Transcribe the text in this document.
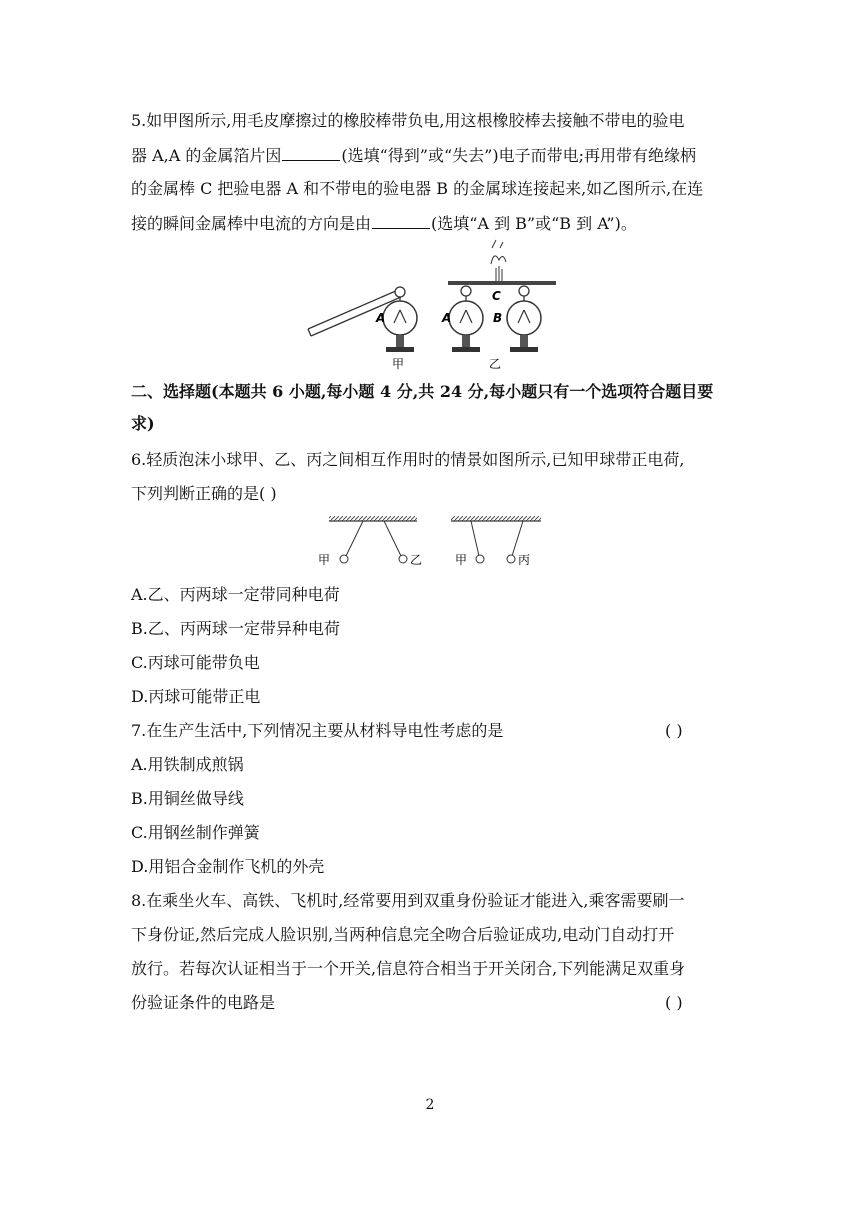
5.如甲图所示,用毛皮摩擦过的橡胶棒带负电,用这根橡胶棒去接触不带电的验电
器 A,A 的金属箔片因	(选填“得到”或“失去”)电子而带电;再用带有绝缘柄
的金属棒 C 把验电器 A 和不带电的验电器 B 的金属球连接起来,如乙图所示,在连
接的瞬间金属棒中电流的方向是由	(选填“A 到 B”或“B 到 A”)。
A
甲
A	B
C
乙
二、选择题(本题共 6 小题,每小题 4 分,共 24 分,每小题只有一个选项符合题目要
求)
6.轻质泡沫小球甲、乙、丙之间相互作用时的情景如图所示,已知甲球带正电荷,
下列判断正确的是( )
甲	乙	甲	丙
A.乙、丙两球一定带同种电荷
B.乙、丙两球一定带异种电荷
C.丙球可能带负电
D.丙球可能带正电
7.在生产生活中,下列情况主要从材料导电性考虑的是	( )
A.用铁制成煎锅
B.用铜丝做导线
C.用钢丝制作弹簧
D.用铝合金制作飞机的外壳
8.在乘坐火车、高铁、飞机时,经常要用到双重身份验证才能进入,乘客需要刷一
下身份证,然后完成人脸识别,当两种信息完全吻合后验证成功,电动门自动打开
放行。若每次认证相当于一个开关,信息符合相当于开关闭合,下列能满足双重身
份验证条件的电路是	( )
2
